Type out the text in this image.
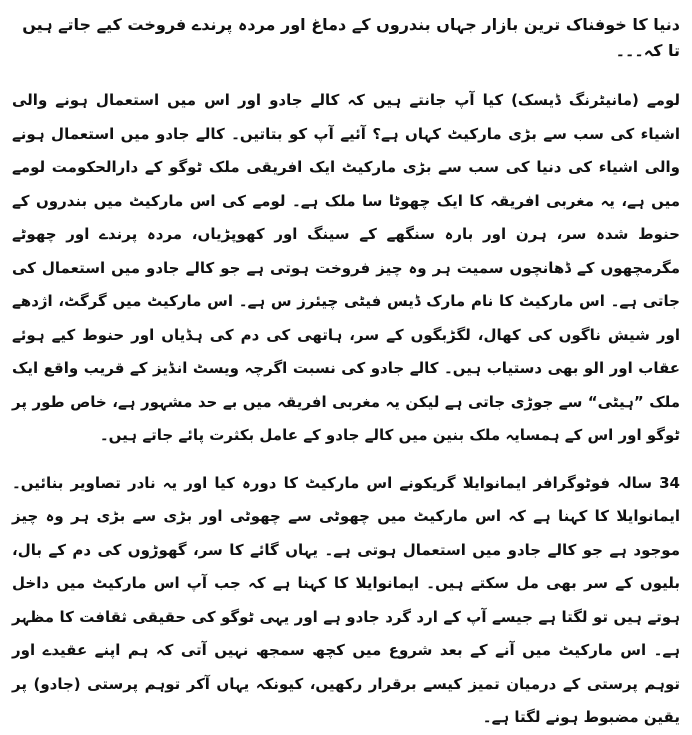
دنیا کا خوفناک ترین بازار جہاں بندروں کے دماغ اور مردہ پرندے فروخت کیے جاتے ہیں تا کہ۔۔۔

لومے (مانیٹرنگ ڈیسک) کیا آپ جانتے ہیں کہ کالے جادو اور اس میں استعمال ہونے والی اشیاء کی سب سے بڑی مارکیٹ کہاں ہے؟ آئیے آپ کو بتاتیں۔ کالے جادو میں استعمال ہونے والی اشیاء کی دنیا کی سب سے بڑی مارکیٹ ایک افریقی ملک ٹوگو کے دارالحکومت لومے میں ہے، یہ مغربی افریقہ کا ایک چھوٹا سا ملک ہے۔ لومے کی اس مارکیٹ میں بندروں کے حنوط شدہ سر، ہرن اور بارہ سنگھے کے سینگ اور کھوپڑیاں، مردہ پرندے اور چھوٹے مگرمچھوں کے ڈھانچوں سمیت ہر وہ چیز فروخت ہوتی ہے جو کالے جادو میں استعمال کی جاتی ہے۔ اس مارکیٹ کا نام مارک ڈیس فیٹی چیئرز س ہے۔ اس مارکیٹ میں گرگٹ، اژدھے اور شیش ناگوں کی کھال، لگڑبگوں کے سر، ہاتھی کی دم کی ہڈیاں اور حنوط کیے ہوئے عقاب اور الو بھی دستیاب ہیں۔ کالے جادو کی نسبت اگرچہ ویسٹ انڈیز کے قریب واقع ایک ملک ”ہیٹی“ سے جوڑی جاتی ہے لیکن یہ مغربی افریقہ میں بے حد مشہور ہے، خاص طور پر ٹوگو اور اس کے ہمسایہ ملک بنین میں کالے جادو کے عامل بکثرت پائے جاتے ہیں۔

34 سالہ فوٹوگرافر ایمانوایلا گریکونے اس مارکیٹ کا دورہ کیا اور یہ نادر تصاویر بنائیں۔ ایمانوایلا کا کہنا ہے کہ اس مارکیٹ میں چھوٹی سے چھوٹی اور بڑی سے بڑی ہر وہ چیز موجود ہے جو کالے جادو میں استعمال ہوتی ہے۔ یہاں گائے کا سر، گھوڑوں کی دم کے بال، بلیوں کے سر بھی مل سکتے ہیں۔ ایمانوایلا کا کہنا ہے کہ جب آپ اس مارکیٹ میں داخل ہوتے ہیں تو لگتا ہے جیسے آپ کے ارد گرد جادو ہے اور یہی ٹوگو کی حقیقی ثقافت کا مظہر ہے۔ اس مارکیٹ میں آنے کے بعد شروع میں کچھ سمجھ نہیں آتی کہ ہم اپنے عقیدے اور توہم پرستی کے درمیان تمیز کیسے برقرار رکھیں، کیونکہ یہاں آکر توہم پرستی (جادو) پر یقین مضبوط ہونے لگتا ہے۔
